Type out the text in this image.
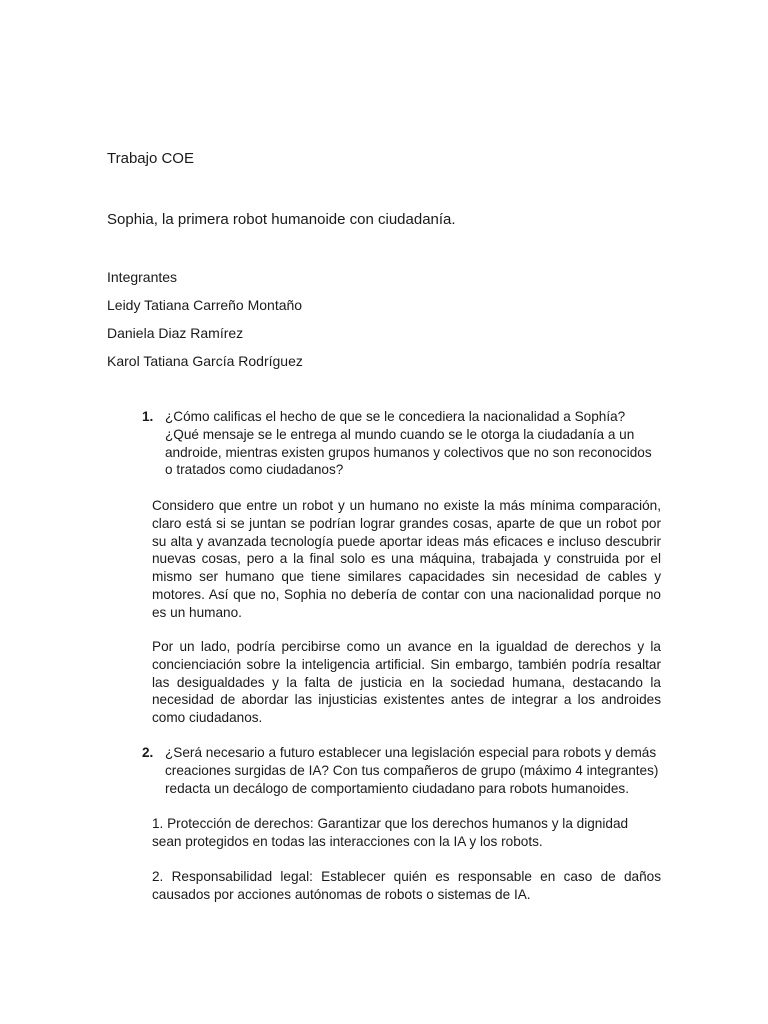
Trabajo COE

Sophia, la primera robot humanoide con ciudadanía.

Integrantes
Leidy Tatiana Carreño Montaño
Daniela Diaz Ramírez
Karol Tatiana García Rodríguez
1. ¿Cómo calificas el hecho de que se le concediera la nacionalidad a Sophía? ¿Qué mensaje se le entrega al mundo cuando se le otorga la ciudadanía a un androide, mientras existen grupos humanos y colectivos que no son reconocidos o tratados como ciudadanos?

Considero que entre un robot y un humano no existe la más mínima comparación, claro está si se juntan se podrían lograr grandes cosas, aparte de que un robot por su alta y avanzada tecnología puede aportar ideas más eficaces e incluso descubrir nuevas cosas, pero a la final solo es una máquina, trabajada y construida por el mismo ser humano que tiene similares capacidades sin necesidad de cables y motores. Así que no, Sophia no debería de contar con una nacionalidad porque no es un humano.

Por un lado, podría percibirse como un avance en la igualdad de derechos y la concienciación sobre la inteligencia artificial. Sin embargo, también podría resaltar las desigualdades y la falta de justicia en la sociedad humana, destacando la necesidad de abordar las injusticias existentes antes de integrar a los androides como ciudadanos.

2. ¿Será necesario a futuro establecer una legislación especial para robots y demás creaciones surgidas de IA? Con tus compañeros de grupo (máximo 4 integrantes) redacta un decálogo de comportamiento ciudadano para robots humanoides.

1. Protección de derechos: Garantizar que los derechos humanos y la dignidad sean protegidos en todas las interacciones con la IA y los robots.

2. Responsabilidad legal: Establecer quién es responsable en caso de daños causados por acciones autónomas de robots o sistemas de IA.
